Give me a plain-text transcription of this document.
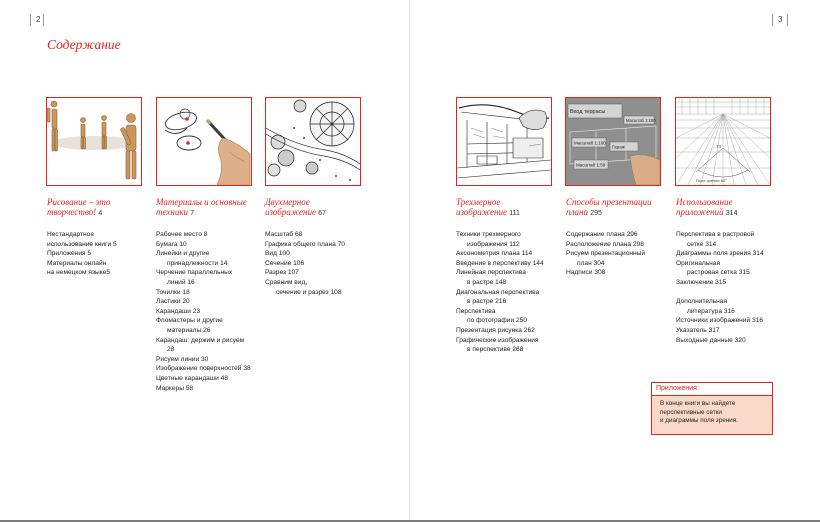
2	3
Содержание
Вход террасы
Масштаб 1:100
Гараж
Масштаб 1:50
Масштаб 1:100
74
Поле зрения 60°
Рисование – это
творчество! 4
Нестандартное
использование книги 5
Приложения 5
Материалы онлайн
на немецком языке5
Материалы и основные
техники 7
Рабочее место 8
Бумага 10
Линейки и другие
принадлежности 14
Черчение параллельных
линий 16
Точилки 18
Ластики 20
Карандаши 23
Фломастеры и другие
материалы 26
Карандаш: держим и рисуем
28
Рисуем линии 30
Изображение поверхностей 38
Цветные карандаши 48
Маркеры 58
Двухмерное
изображение 67
Масштаб 68
Графика общего плана 70
Вид 100
Сечение 106
Разрез 107
Сравним вид,
сечение и разрез 108
Трехмерное
изображение 111
Техники трехмерного
изображения 112
Аксонометрия плана 114
Введение в перспективу 144
Линейная перспектива
в растре 148
Диагональная перспектива
в растре 216
Перспектива
по фотографии 250
Презентация рисунка 262
Графические изображения
в перспективе 268
Способы презентации
плана 295
Содержание плана 296
Расположение плана 298
Рисуем презентационный
план 304
Надписи 308
Использование
приложений 314
Перспектива в растровой
сетке 314
Диаграммы поля зрения 314
Оригинальная
растровая сетка 315
Заключение 315
Дополнительная
литература 316
Источники изображений 316
Указатель 317
Выходные данные 320
Приложения:
В конце книги вы найдете
перспективные сетки
и диаграммы поля зрения.
